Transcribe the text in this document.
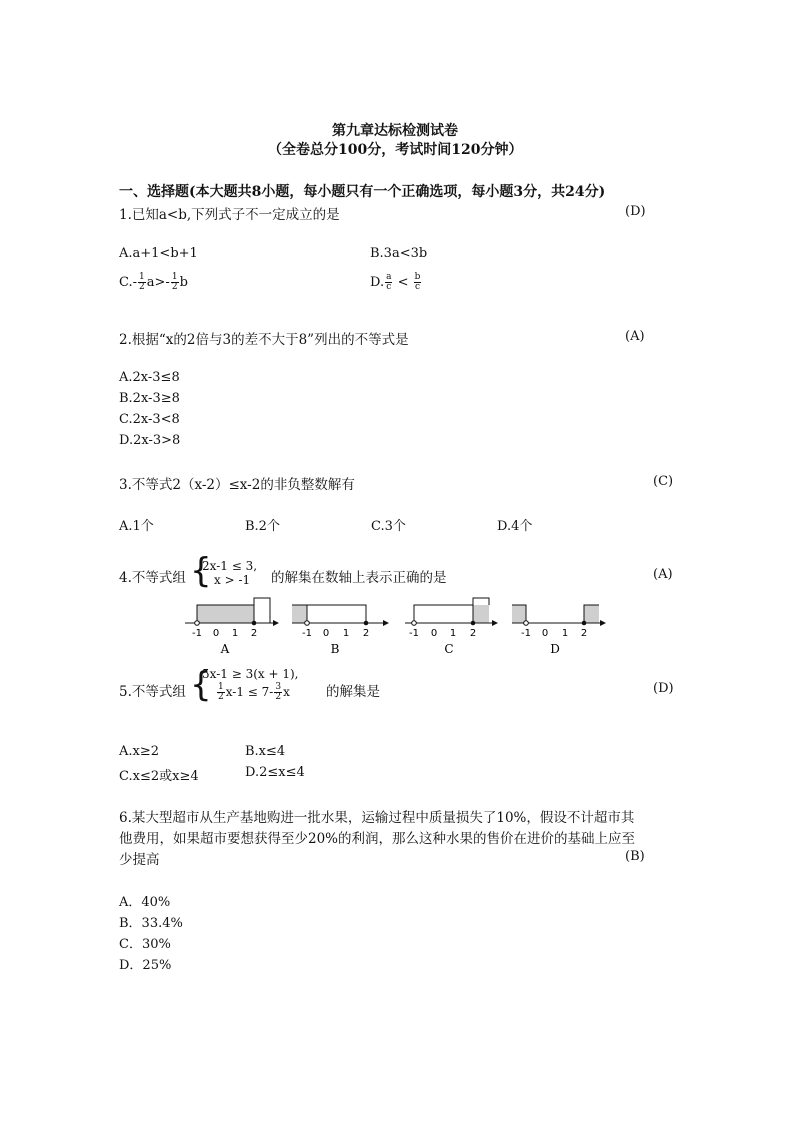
第九章达标检测试卷
（全卷总分100分，考试时间120分钟）
一、选择题(本大题共8小题，每小题只有一个正确选项，每小题3分，共24分)
1.已知a<b,下列式子不一定成立的是	(D)
A.a+1<b+1	B.3a<3b
$C.- \frac{1}{2} a>- \frac{1}{2}$ b	D. $\frac{a}{c} < \frac{b}{c}$
2.根据“x的2倍与3的差不大于8”列出的不等式是	(A)
A.2x-3≤8
B.2x-3≥8
C.2x-3<8
D.2x-3>8
3.不等式2（x-2）≤x-2的非负整数解有	(C)
A.1个	B.2个	C.3个	D.4个
4.不等式组 {
2x-1 ≤ 3,
x > -1	的解集在数轴上表示正确的是	(A)
-1 0 1 2
A
-1 0 1 2
B
-1 0 1 2
C
-1 0 1 2
D
5.不等式组 {
5x-1 ≥ 3(x + 1),
$\frac{1}{2} x-1 \le 7- \frac{3}{2}$ x	的解集是	(D)
A.x≥2	B.x≤4
C.x≤2或x≥4	D.2≤x≤4
6.某大型超市从生产基地购进一批水果，运输过程中质量损失了10%，假设不计超市其
他费用，如果超市要想获得至少20%的利润，那么这种水果的售价在进价的基础上应至
少提高	(B)
A．40%
B．33.4%
C．30%
D．25%
